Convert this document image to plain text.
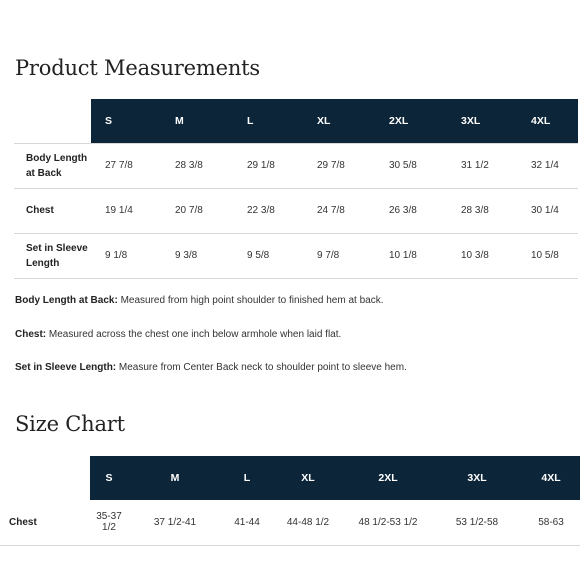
Product Measurements
	S	M	L	XL	2XL	3XL	4XL
Body Length at Back	27 7/8	28 3/8	29 1/8	29 7/8	30 5/8	31 1/2	32 1/4
Chest	19 1/4	20 7/8	22 3/8	24 7/8	26 3/8	28 3/8	30 1/4
Set in Sleeve Length	9 1/8	9 3/8	9 5/8	9 7/8	10 1/8	10 3/8	10 5/8

Body Length at Back: Measured from high point shoulder to finished hem at back.

Chest: Measured across the chest one inch below armhole when laid flat.

Set in Sleeve Length: Measure from Center Back neck to shoulder point to sleeve hem.

Size Chart
	S	M	L	XL	2XL	3XL	4XL
Chest	35-37 1/2	37 1/2-41	41-44	44-48 1/2	48 1/2-53 1/2	53 1/2-58	58-63
